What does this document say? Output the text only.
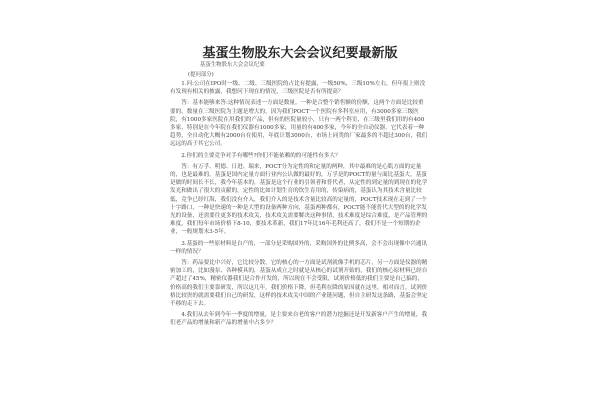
基蛋生物股东大会会议纪要最新版
基蛋生物股东大会会议纪要
(提问部分)

1.问:公司在IPO时一级、二级、三级医院的占比有提露，一级50%，三级10%左右，但年报上则没有发现有相关的披露，我想问下现在的情况，三级医院是否有所提高？

答：基本能够来答:这种情况表述一方面是数量。一种是合整个销售额的份额，这两个方面是比较重要的。数量在三级医院为主题是增大的，因为我们POCT一个医院有多科室应用，有3000多家三级医院，有1000多家医院在用我们的产品，但有的医院量较小，只有一两个科室，在三级里我们用的有400多家，特别是在今年院在我们仪器有1000多家，用量的有400多家，今年的全自动仪器，它代表着一种趋势，全自动化大概有2000台在使用，年底计划3000台，市场上同类的厂家最多的不超过300台，我们远远的高于其它公司。

2.你们的主要竞争对手有哪些?你们不能依赖的的可能性有多大？

答：有万孚、明德、日进、瑞来，POCT分为定性的和定量的两种，其中最难的是心肌方面的定量的，也是最难的，基蛋是国内定量方面行业内公认做的最好的，万孚是的POCT的量与面比基蛋大，基蛋是做的时间长不长，我今年基本的，基蛋是这个行业的引领者和普代者，从定性的到定量的到现在的化学发光和做出了很大的贡献的，定性的比如计划生育的饮生育用的，传染病的，基蛋认为其技术含量比较低，竞争已经红海，我们没有介入，我们介入的是技术含量比较高的定量的，POCT技术现在走到了一个十字路口，一种是快速的一种是大型的设备两种方向，基蛋两种都有，POCT能不能普代大型的的化学发光的设备，还需要往更多的技术攻关，技术攻关需要解决这种事情，技术难度是综合难度，是产品管理的难度，我们每年市场价格下8-10，要技术革新，我们17年比16年毛利还高了，我们不是一个短期的企业，一般规划未3-5年。

3.基蛋的一些原材料是自产的，一部分是采购国外的，采购国外的比例多高，会不会出现像中兴通讯一样的情况？

答：药品要比中兴好，它比较分散，它的核心的一方面是试剂就像手机的芯片，另一方面是仪器的精密加工的，比如漫泵、各种模具的，基蛋从成立之时就是从核心的试剂开始的，我们的核心原材料已经自产超过了45%，精密仪器我们是合作开发的，所以现在不会受限，试剂价格低的我们主要是自己搞的，价格高的我们主要靠研发，所以这几年，我们价格下降，但毛利在降的原因就在这里，相对而言，试剂价格比较贵的就需要我们自己的研发，这样的技术攻关中国的产业链问题，但自主研发这条路，基蛋会坚定不移的走下去。

4.我们从去年到今年一季度的增量，是主要来自老的客户的潜力挖掘还是开发新客户产生的增量，我们老产品的增量和新产品的增量中占多少？
